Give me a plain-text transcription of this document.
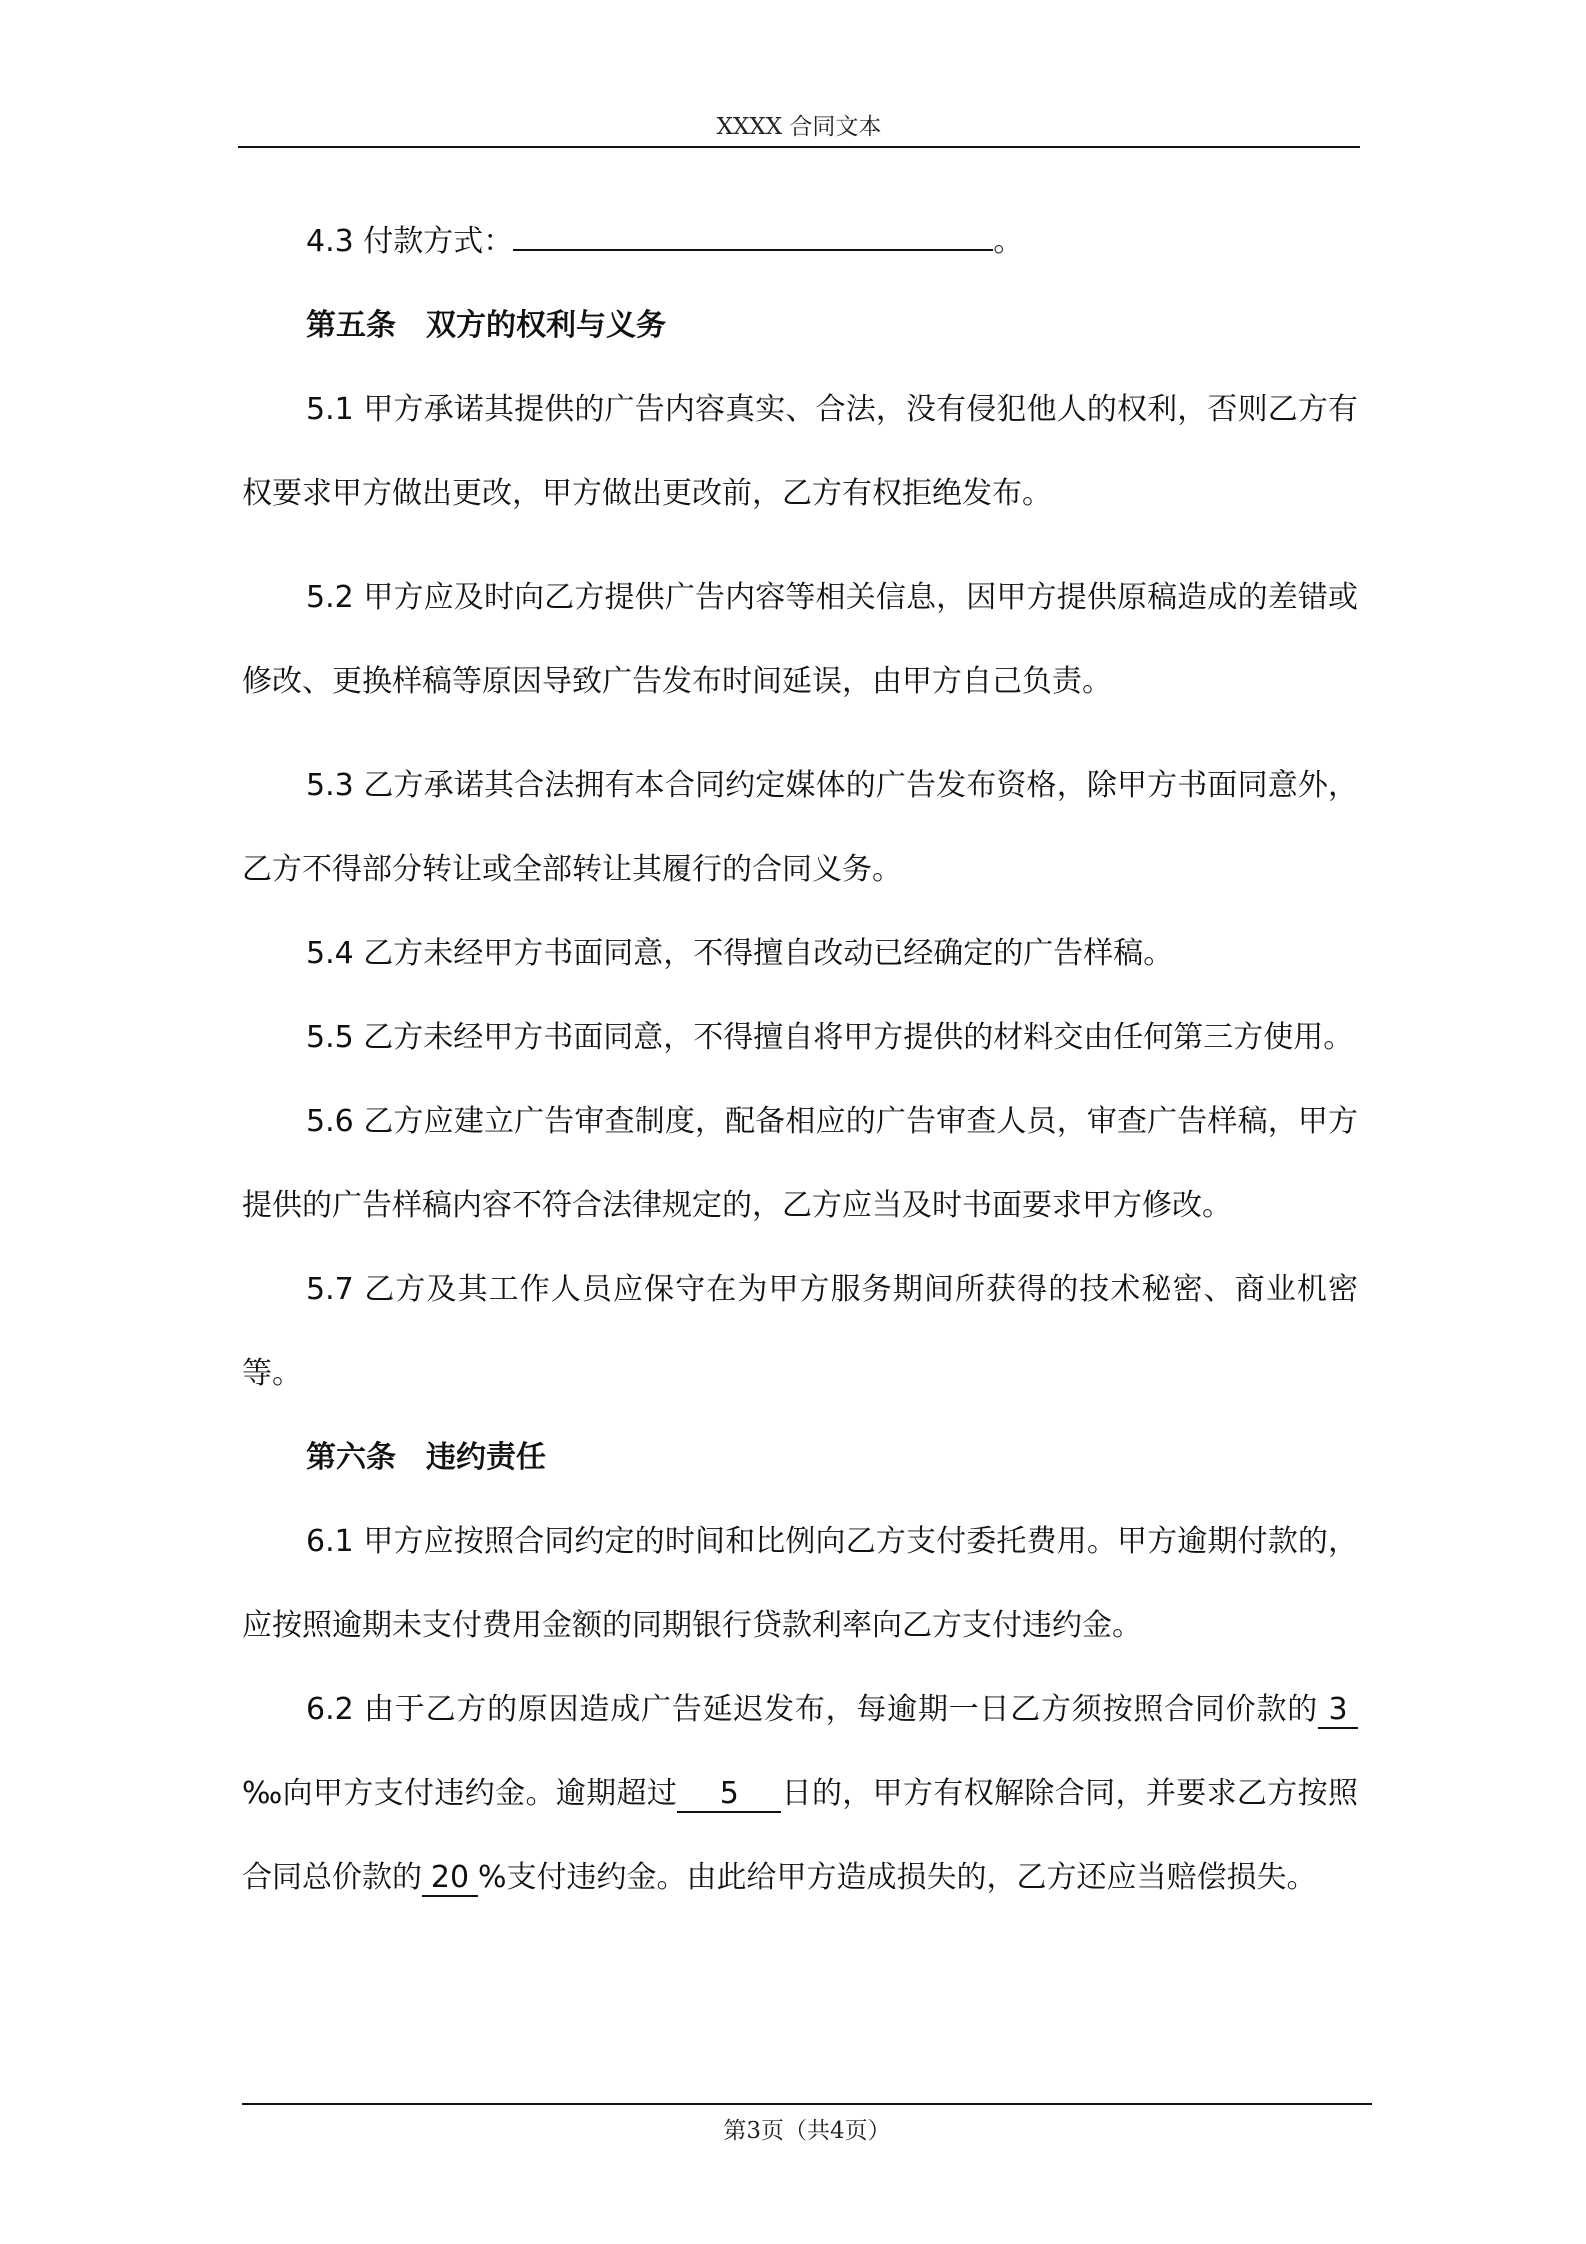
XXXX 合同文本

4.3 付款方式：	。

第五条 双方的权利与义务

5.1 甲方承诺其提供的广告内容真实、合法，没有侵犯他人的权利，否则乙方有权要求甲方做出更改，甲方做出更改前，乙方有权拒绝发布。

5.2 甲方应及时向乙方提供广告内容等相关信息，因甲方提供原稿造成的差错或修改、更换样稿等原因导致广告发布时间延误，由甲方自己负责。

5.3 乙方承诺其合法拥有本合同约定媒体的广告发布资格，除甲方书面同意外，乙方不得部分转让或全部转让其履行的合同义务。

5.4 乙方未经甲方书面同意，不得擅自改动已经确定的广告样稿。

5.5 乙方未经甲方书面同意，不得擅自将甲方提供的材料交由任何第三方使用。

5.6 乙方应建立广告审查制度，配备相应的广告审查人员，审查广告样稿，甲方提供的广告样稿内容不符合法律规定的，乙方应当及时书面要求甲方修改。

5.7 乙方及其工作人员应保守在为甲方服务期间所获得的技术秘密、商业机密等。

第六条 违约责任

6.1 甲方应按照合同约定的时间和比例向乙方支付委托费用。甲方逾期付款的，应按照逾期未支付费用金额的同期银行贷款利率向乙方支付违约金。

6.2 由于乙方的原因造成广告延迟发布，每逾期一日乙方须按照合同价款的 3‰向甲方支付违约金。逾期超过 5 日的，甲方有权解除合同，并要求乙方按照合同总价款的 20 %支付违约金。由此给甲方造成损失的，乙方还应当赔偿损失。

第3页（共4页）
